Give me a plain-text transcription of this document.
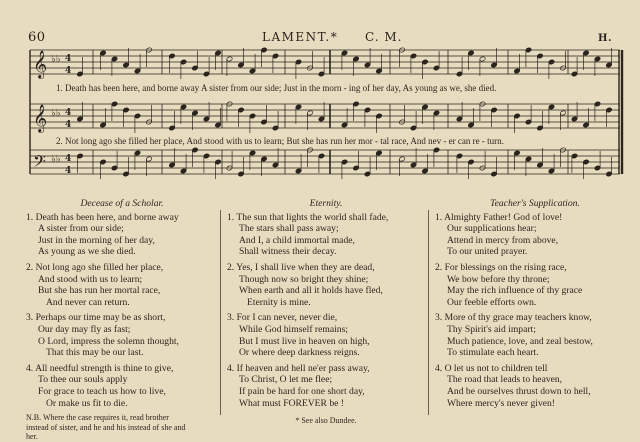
60	LAMENT.* C. M.	H.
𝄞
𝄞
𝄢
♭♭
♭♭
♭♭
4
4
4
4
4
4
1. Death has been here, and borne away A sister from our side; Just in the morn - ing of her day, As young as we, she died.
2. Not long ago she filled her place, And stood with us to learn; But she has run her mor - tal race, And nev - er can re - turn.
Decease of a Scholar.
1. Death has been here, and borne away
A sister from our side;
Just in the morning of her day,
As young as we she died.
2. Not long ago she filled her place,
And stood with us to learn;
But she has run her mortal race,
And never can return.
3. Perhaps our time may be as short,
Our day may fly as fast;
O Lord, impress the solemn thought,
That this may be our last.
4. All needful strength is thine to give,
To thee our souls apply
For grace to teach us how to live,
Or make us fit to die.
N.B. Where the case requires it, read brother
instead of sister, and he and his instead of she and
her.
Eternity.
1. The sun that lights the world shall fade,
The stars shall pass away;
And I, a child immortal made,
Shall witness their decay.
2. Yes, I shall live when they are dead,
Though now so bright they shine;
When earth and all it holds have fled,
Eternity is mine.
3. For I can never, never die,
While God himself remains;
But I must live in heaven on high,
Or where deep darkness reigns.
4. If heaven and hell ne'er pass away,
To Christ, O let me flee;
If pain be hard for one short day,
What must FOREVER be !
* See also Dundee.
Teacher's Supplication.
1. Almighty Father! God of love!
Our supplications hear;
Attend in mercy from above,
To our united prayer.
2. For blessings on the rising race,
We bow before thy throne;
May the rich influence of thy grace
Our feeble efforts own.
3. More of thy grace may teachers know,
Thy Spirit's aid impart;
Much patience, love, and zeal bestow,
To stimulate each heart.
4. O let us not to children tell
The road that leads to heaven,
And be ourselves thrust down to hell,
Where mercy's never given!
